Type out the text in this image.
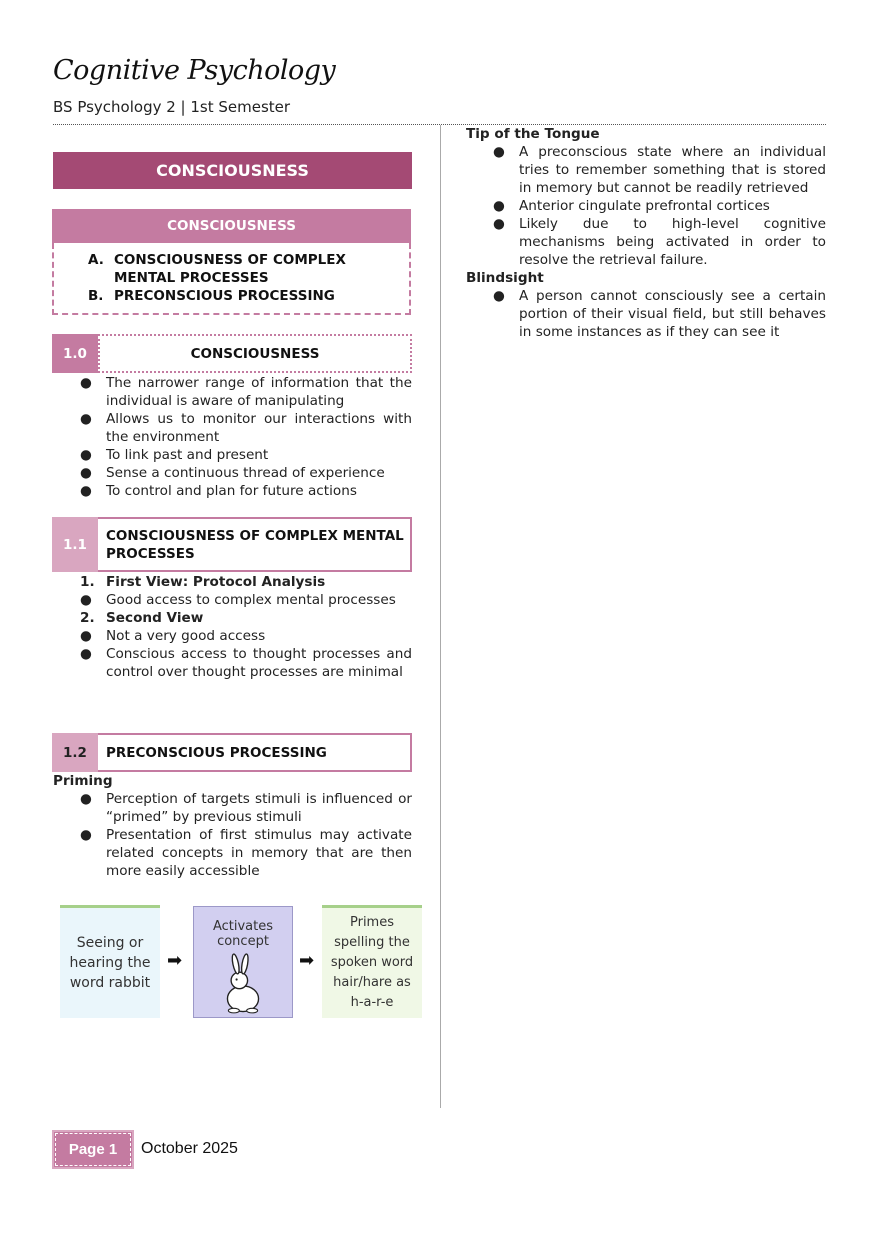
Cognitive Psychology
BS Psychology 2 | 1st Semester
CONSCIOUSNESS
CONSCIOUSNESS
A. CONSCIOUSNESS OF COMPLEX MENTAL PROCESSES
B. PRECONSCIOUS PROCESSING
1.0	CONSCIOUSNESS
●	The narrower range of information that the individual is aware of manipulating
●	Allows us to monitor our interactions with the environment
●	To link past and present
●	Sense a continuous thread of experience
●	To control and plan for future actions
1.1
CONSCIOUSNESS OF COMPLEX MENTAL PROCESSES
1. First View: Protocol Analysis
●	Good access to complex mental processes
2. Second View
●	Not a very good access
●	Conscious access to thought processes and control over thought processes are minimal
1.2	PRECONSCIOUS PROCESSING
Priming
●	Perception of targets stimuli is influenced or “primed” by previous stimuli
●	Presentation of first stimulus may activate related concepts in memory that are then more easily accessible
Seeing or hearing the word rabbit
➡
Activates concept
➡
Primes spelling the spoken word hair/hare as h-a-r-e
Tip of the Tongue
●	A preconscious state where an individual tries to remember something that is stored in memory but cannot be readily retrieved
●	Anterior cingulate prefrontal cortices
●	Likely due to high-level cognitive mechanisms being activated in order to resolve the retrieval failure.
Blindsight
●	A person cannot consciously see a certain portion of their visual field, but still behaves in some instances as if they can see it
Page 1	October 2025
